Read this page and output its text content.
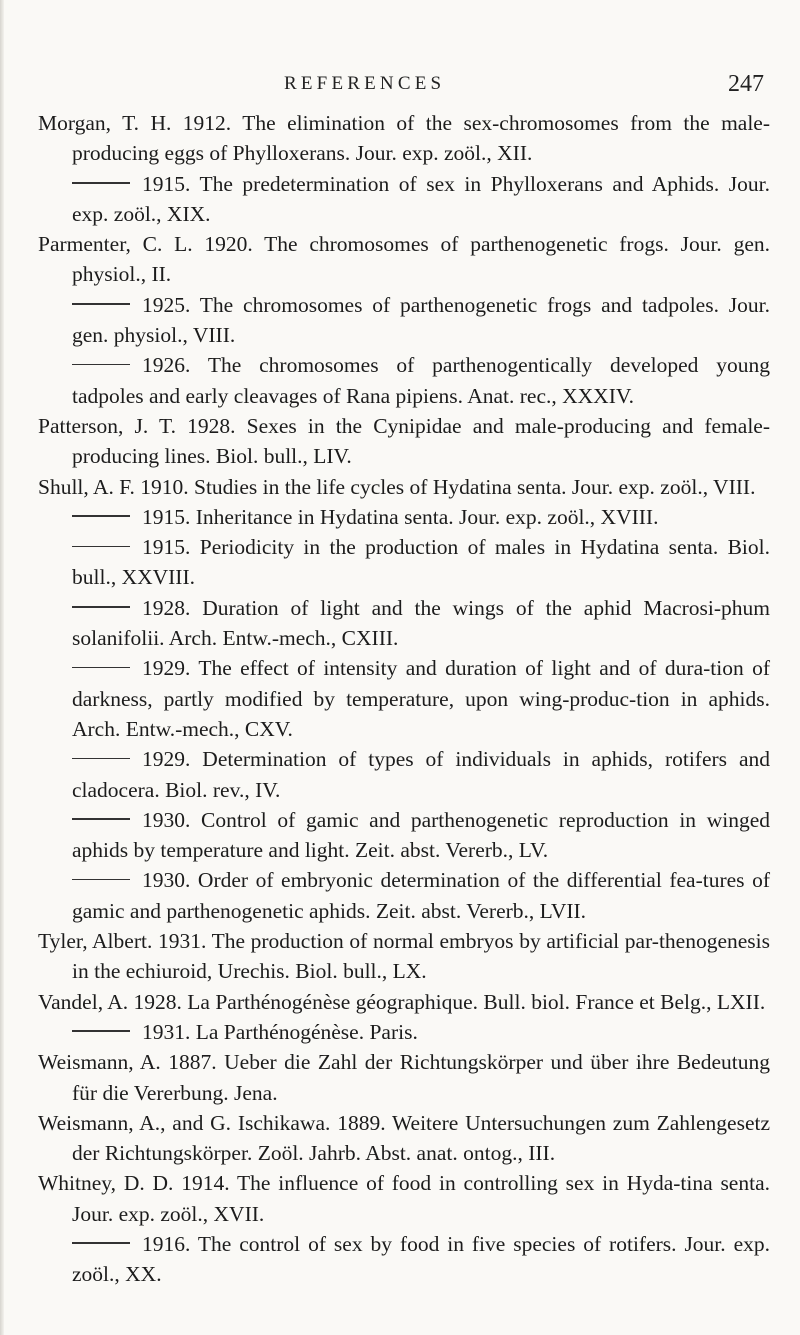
REFERENCES	247
Morgan, T. H. 1912. The elimination of the sex-chromosomes from the male-producing eggs of Phylloxerans. Jour. exp. zoöl., XII.
1915. The predetermination of sex in Phylloxerans and Aphids. Jour. exp. zoöl., XIX.
Parmenter, C. L. 1920. The chromosomes of parthenogenetic frogs. Jour. gen. physiol., II.
1925. The chromosomes of parthenogenetic frogs and tadpoles. Jour. gen. physiol., VIII.
1926. The chromosomes of parthenogentically developed young tadpoles and early cleavages of Rana pipiens. Anat. rec., XXXIV.
Patterson, J. T. 1928. Sexes in the Cynipidae and male-producing and female-producing lines. Biol. bull., LIV.
Shull, A. F. 1910. Studies in the life cycles of Hydatina senta. Jour. exp. zoöl., VIII.
1915. Inheritance in Hydatina senta. Jour. exp. zoöl., XVIII.
1915. Periodicity in the production of males in Hydatina senta. Biol. bull., XXVIII.
1928. Duration of light and the wings of the aphid Macrosi-phum solanifolii. Arch. Entw.-mech., CXIII.
1929. The effect of intensity and duration of light and of dura-tion of darkness, partly modified by temperature, upon wing-produc-tion in aphids. Arch. Entw.-mech., CXV.
1929. Determination of types of individuals in aphids, rotifers and cladocera. Biol. rev., IV.
1930. Control of gamic and parthenogenetic reproduction in winged aphids by temperature and light. Zeit. abst. Vererb., LV.
1930. Order of embryonic determination of the differential fea-tures of gamic and parthenogenetic aphids. Zeit. abst. Vererb., LVII.
Tyler, Albert. 1931. The production of normal embryos by artificial par-thenogenesis in the echiuroid, Urechis. Biol. bull., LX.
Vandel, A. 1928. La Parthénogénèse géographique. Bull. biol. France et Belg., LXII.
1931. La Parthénogénèse. Paris.
Weismann, A. 1887. Ueber die Zahl der Richtungskörper und über ihre Bedeutung für die Vererbung. Jena.
Weismann, A., and G. Ischikawa. 1889. Weitere Untersuchungen zum Zahlengesetz der Richtungskörper. Zoöl. Jahrb. Abst. anat. ontog., III.
Whitney, D. D. 1914. The influence of food in controlling sex in Hyda-tina senta. Jour. exp. zoöl., XVII.
1916. The control of sex by food in five species of rotifers. Jour. exp. zoöl., XX.
